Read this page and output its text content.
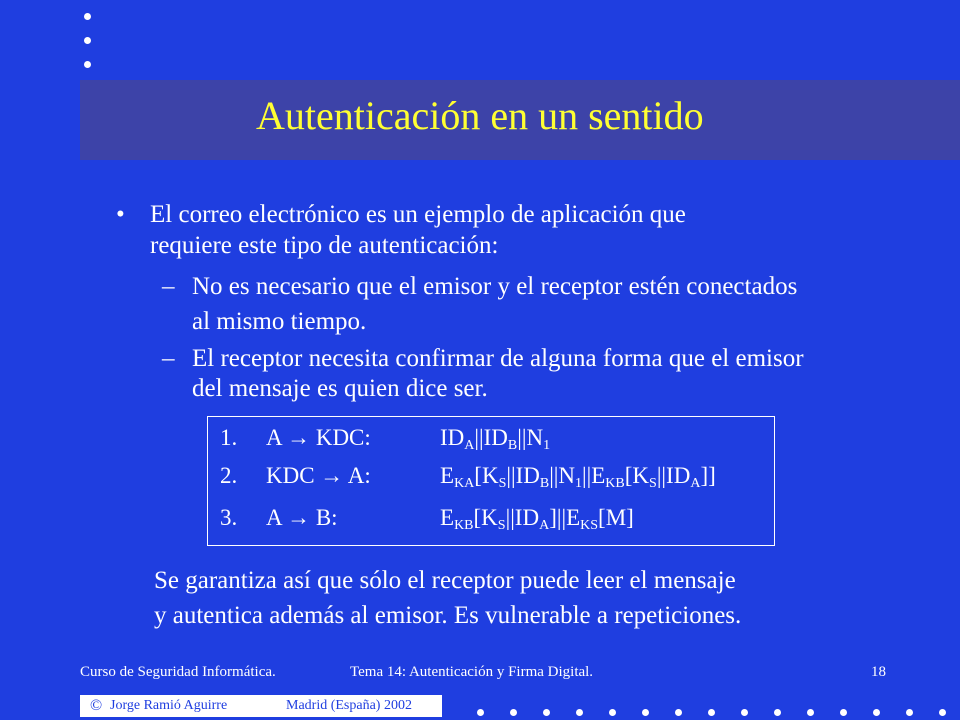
Autenticación en un sentido
• El correo electrónico es un ejemplo de aplicación que
requiere este tipo de autenticación:
– No es necesario que el emisor y el receptor estén conectados
al mismo tiempo.
– El receptor necesita confirmar de alguna forma que el emisor
del mensaje es quien dice ser.
1. A → KDC:	$ID_A||ID_B||N_1$
2. KDC → A:	$E_{KA}[K_S||ID_B||N_1||E_{KB}[K_S||ID_A]]$
3. A → B:	$E_{KB}[K_S||ID_A]||E_{KS}[M]$
Se garantiza así que sólo el receptor puede leer el mensaje
y autentica además al emisor. Es vulnerable a repeticiones.
Curso de Seguridad Informática.	Tema 14: Autenticación y Firma Digital.	18
© Jorge Ramió Aguirre	Madrid (España) 2002
